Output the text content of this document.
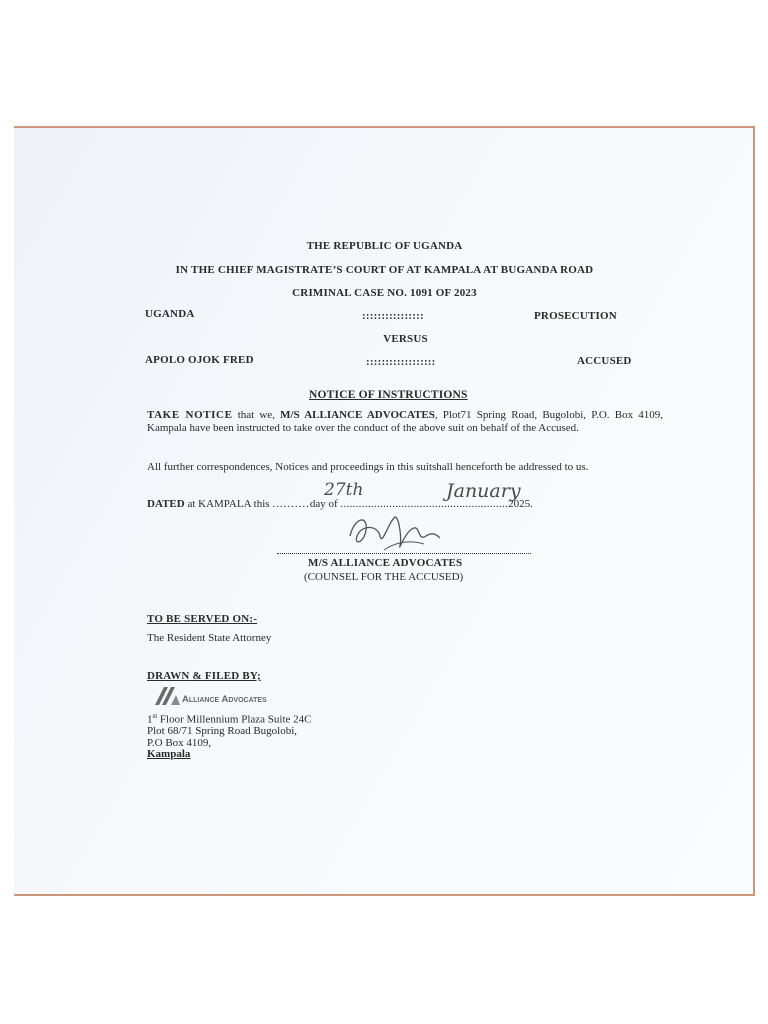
THE REPUBLIC OF UGANDA
IN THE CHIEF MAGISTRATE’S COURT OF AT KAMPALA AT BUGANDA ROAD
CRIMINAL CASE NO. 1091 OF 2023
UGANDA	::::::::::::::::	PROSECUTION
VERSUS
APOLO OJOK FRED	::::::::::::::::::	ACCUSED
NOTICE OF INSTRUCTIONS
TAKE NOTICE that we, M/S ALLIANCE ADVOCATES, Plot71 Spring Road, Bugolobi, P.O. Box 4109, Kampala have been instructed to take over the conduct of the above suit on behalf of the Accused.
All further correspondences, Notices and proceedings in this suitshall henceforth be addressed to us.
DATED at KAMPALA this ..........day of .......................................................2025.
27th	January
M/S ALLIANCE ADVOCATES
(COUNSEL FOR THE ACCUSED)
TO BE SERVED ON:-
The Resident State Attorney
DRAWN & FILED BY;
Alliance Advocates
1st Floor Millennium Plaza Suite 24C
Plot 68/71 Spring Road Bugolobi,
P.O Box 4109,
Kampala
